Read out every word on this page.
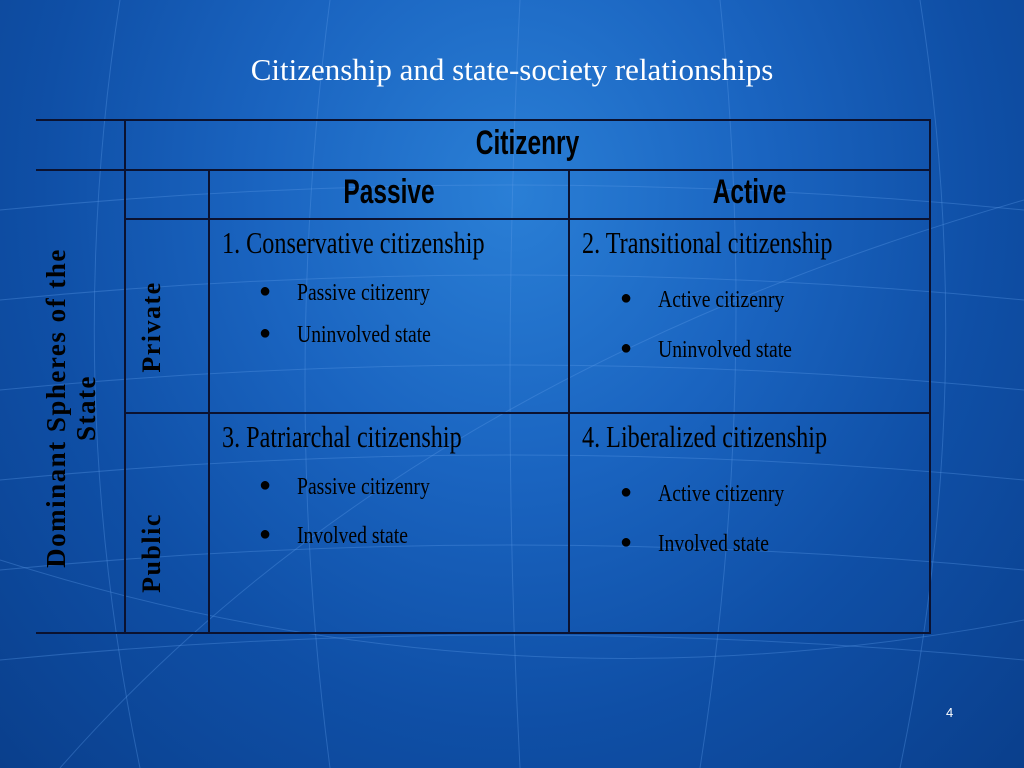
Citizenship and state-society relationships
Citizenry
Passive	Active
Dominant Spheres of the State
Private
Public
1. Conservative citizenship
● Passive citizenry
● Uninvolved state
2. Transitional citizenship
● Active citizenry
● Uninvolved state
3. Patriarchal citizenship
● Passive citizenry
● Involved state
4. Liberalized citizenship
● Active citizenry
● Involved state
4
